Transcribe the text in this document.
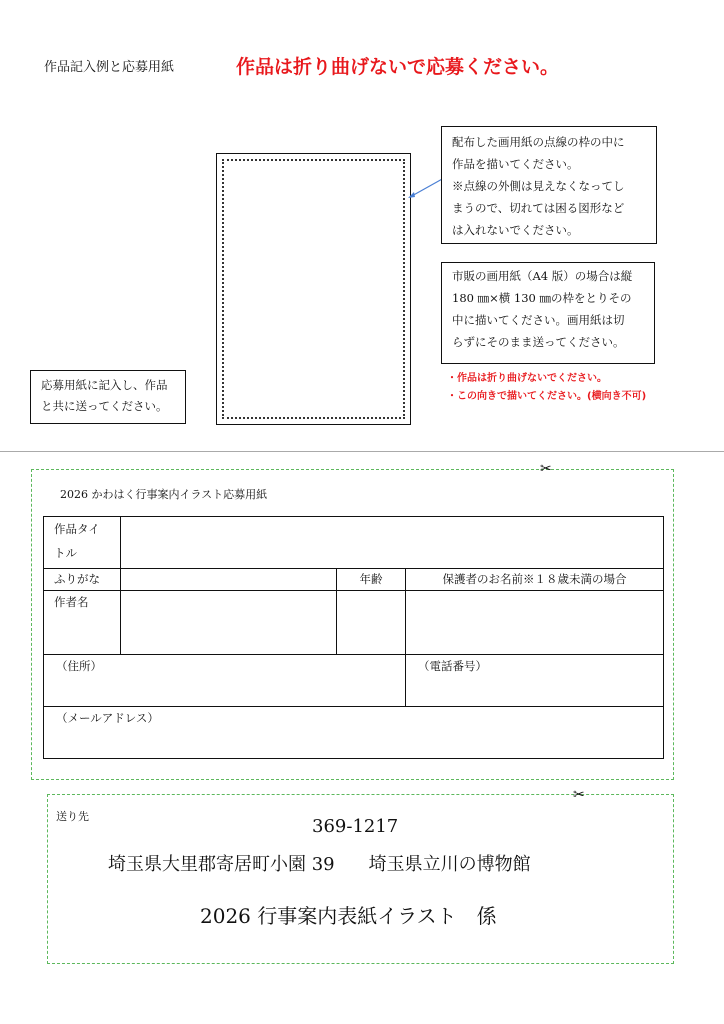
作品記入例と応募用紙	作品は折り曲げないで応募ください。

配布した画用紙の点線の枠の中に

作品を描いてください。

※点線の外側は見えなくなってし

まうので、切れては困る図形など

は入れないでください。

市販の画用紙（A4 版）の場合は縦

180 ㎜×横 130 ㎜の枠をとりその

中に描いてください。画用紙は切

らずにそのまま送ってください。

・作品は折り曲げないでください。

・この向きで描いてください。(横向き不可)

応募用紙に記入し、作品

と共に送ってください。

✂
2026 かわはく行事案内イラスト応募用紙
作品タイ
トル			

ふりがな		年齢	保護者のお名前※１８歳未満の場合
作者名			
（住所）			（電話番号）
（メールアドレス）			
✂
送り先	369-1217
埼玉県大里郡寄居町小園 39 埼玉県立川の博物館
2026 行事案内表紙イラスト　係
